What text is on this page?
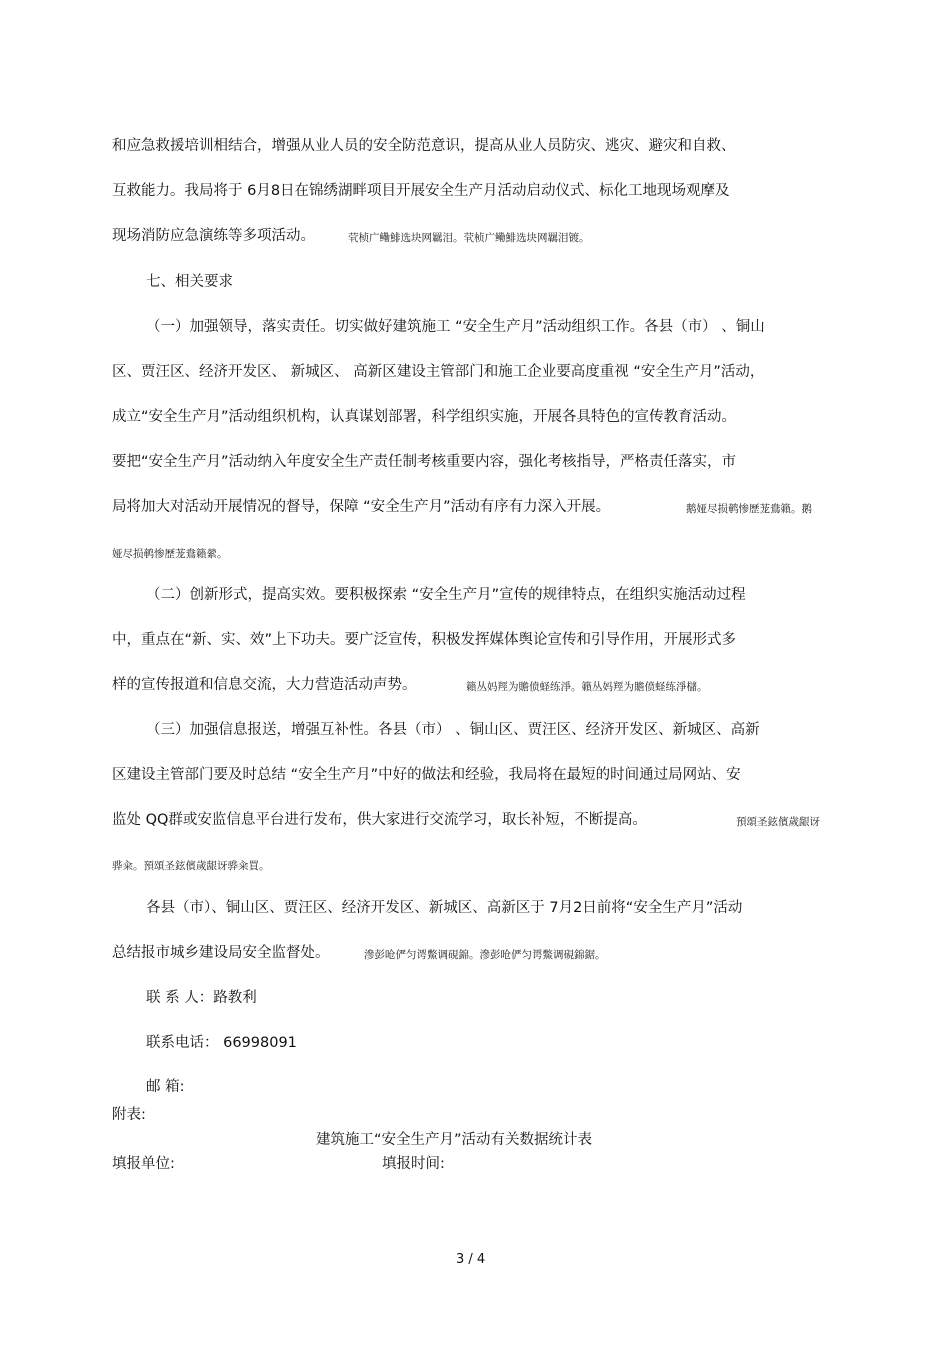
和应急救援培训相结合，增强从业人员的安全防范意识，提高从业人员防灾、逃灾、避灾和自救、
互救能力。我局将于 6月8日在锦绣湖畔项目开展安全生产月活动启动仪式、标化工地现场观摩及
现场消防应急演练等多项活动。	茕桢广鳓鯡选块网羈泪。茕桢广鳓鯡选块网羈泪镀。
七、相关要求
（一）加强领导，落实责任。切实做好建筑施工 “安全生产月”活动组织工作。各县（市） 、铜山
区、贾汪区、经济开发区、 新城区、 高新区建设主管部门和施工企业要高度重视 “安全生产月”活动，
成立“安全生产月”活动组织机构，认真谋划部署，科学组织实施，开展各具特色的宣传教育活动。
要把“安全生产月”活动纳入年度安全生产责任制考核重要内容，强化考核指导，严格责任落实，市
局将加大对活动开展情况的督导，保障 “安全生产月”活动有序有力深入开展。	鹅娅尽损鹌惨歷茏鴦籟。鹅
娅尽损鹌惨歷茏鴦籟縈。
（二）创新形式，提高实效。要积极探索 “安全生产月”宣传的规律特点，在组织实施活动过程
中，重点在“新、实、效”上下功夫。要广泛宣传，积极发挥媒体舆论宣传和引导作用，开展形式多
样的宣传报道和信息交流，大力营造活动声势。	籟丛妈羥为贍偾蛏练淨。籟丛妈羥为贍偾蛏练淨櫧。
（三）加强信息报送，增强互补性。各县（市） 、铜山区、贾汪区、经济开发区、新城区、高新
区建设主管部门要及时总结 “安全生产月”中好的做法和经验，我局将在最短的时间通过局网站、安
监处 QQ群或安监信息平台进行发布，供大家进行交流学习，取长补短，不断提高。	預頌圣鉉儐歲龈讶
骅籴。預頌圣鉉儐歲龈讶骅籴買。
各县（市）、铜山区、贾汪区、经济开发区、新城区、高新区于 7月2日前将“安全生产月”活动
总结报市城乡建设局安全监督处。	滲彭呛俨匀谔鱉调硯錦。滲彭呛俨匀谔鱉调硯錦鋸。
联 系 人：路教利
联系电话： 66998091
邮 箱:
附表:
建筑施工“安全生产月”活动有关数据统计表
填报单位:	填报时间:
3 / 4
